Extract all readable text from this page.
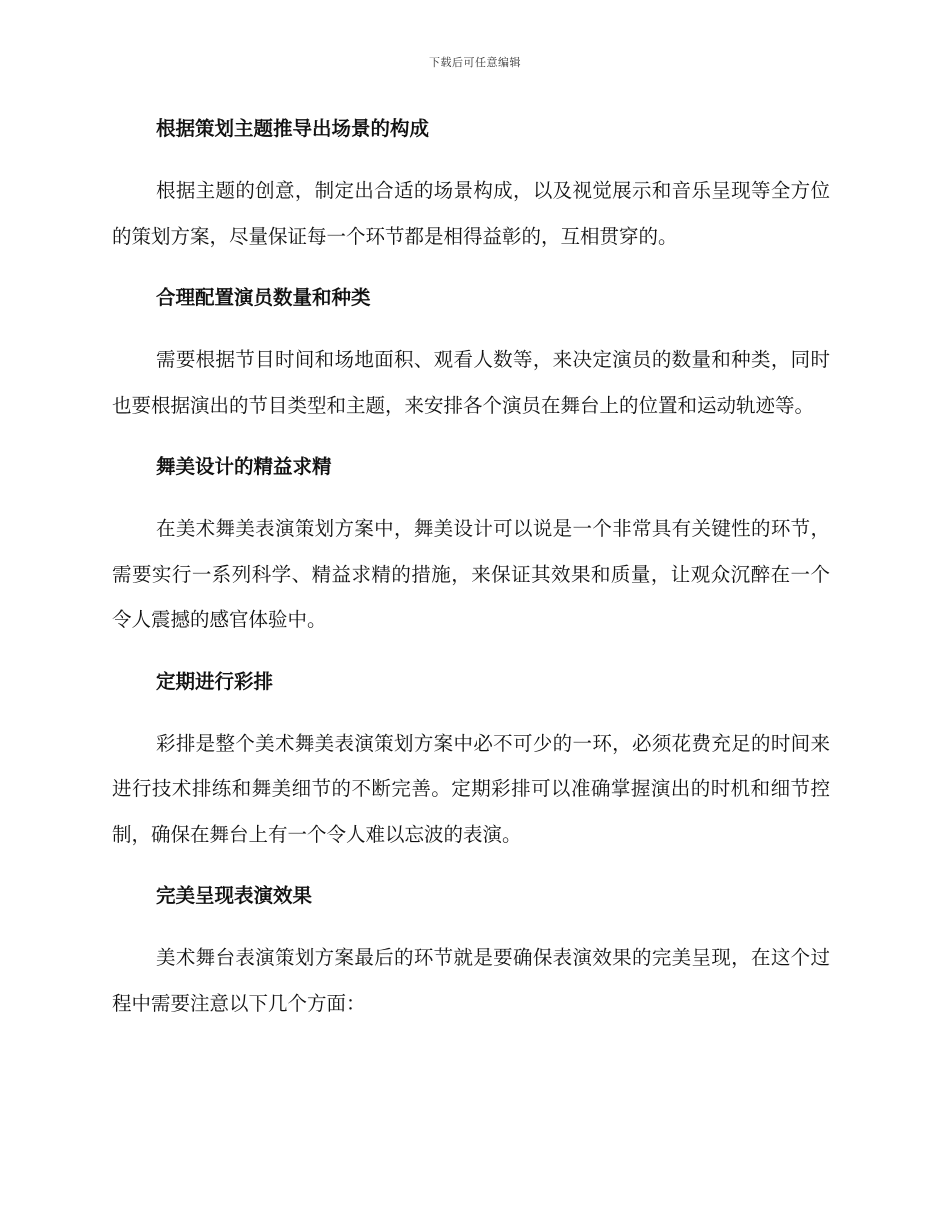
下载后可任意编辑
根据策划主题推导出场景的构成

根据主题的创意，制定出合适的场景构成，以及视觉展示和音乐呈现等全方位的策划方案，尽量保证每一个环节都是相得益彰的，互相贯穿的。

合理配置演员数量和种类

需要根据节目时间和场地面积、观看人数等，来决定演员的数量和种类，同时也要根据演出的节目类型和主题，来安排各个演员在舞台上的位置和运动轨迹等。

舞美设计的精益求精

在美术舞美表演策划方案中，舞美设计可以说是一个非常具有关键性的环节，需要实行一系列科学、精益求精的措施，来保证其效果和质量，让观众沉醉在一个令人震撼的感官体验中。

定期进行彩排

彩排是整个美术舞美表演策划方案中必不可少的一环，必须花费充足的时间来进行技术排练和舞美细节的不断完善。定期彩排可以准确掌握演出的时机和细节控制，确保在舞台上有一个令人难以忘波的表演。

完美呈现表演效果

美术舞台表演策划方案最后的环节就是要确保表演效果的完美呈现，在这个过程中需要注意以下几个方面：
